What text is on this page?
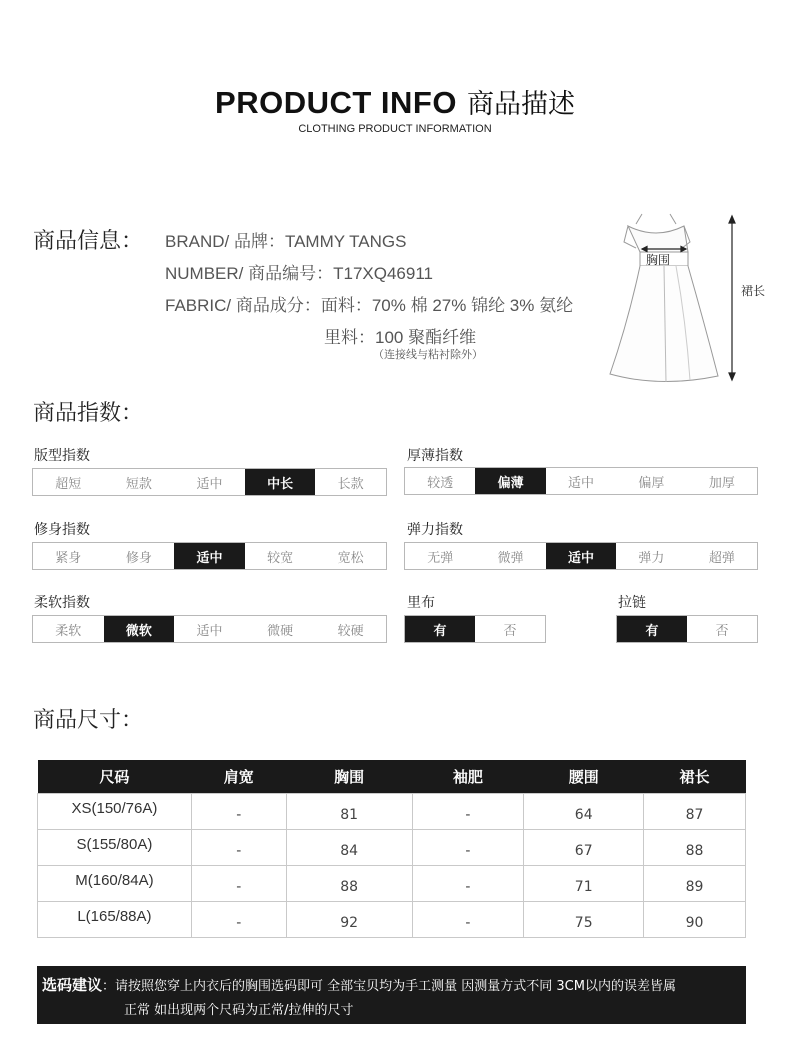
PRODUCT INFO 商品描述
CLOTHING PRODUCT INFORMATION
商品信息： BRAND/ 品牌：TAMMY TANGS
NUMBER/ 商品编号：T17XQ46911
FABRIC/ 商品成分：面料：70% 棉 27% 锦纶 3% 氨纶
里料：100 聚酯纤维
（连接线与粘衬除外）
胸围
裙长
商品指数：
版型指数
超短	短款	适中	中长	长款
厚薄指数
较透	偏薄	适中	偏厚	加厚
修身指数
紧身	修身	适中	较宽	宽松
弹力指数
无弹	微弹	适中	弹力	超弹
柔软指数
柔软	微软	适中	微硬	较硬
里布
有	否
拉链
有	否
商品尺寸：
尺码	肩宽	胸围	袖肥	腰围	裙长
XS(150/76A)	-	81	-	64	87
S(155/80A)	-	84	-	67	88
M(160/84A)	-	88	-	71	89
L(165/88A)	-	92	-	75	90
选码建议：请按照您穿上内衣后的胸围选码即可 全部宝贝均为手工测量 因测量方式不同 3CM以内的误差皆属
正常 如出现两个尺码为正常/拉伸的尺寸
